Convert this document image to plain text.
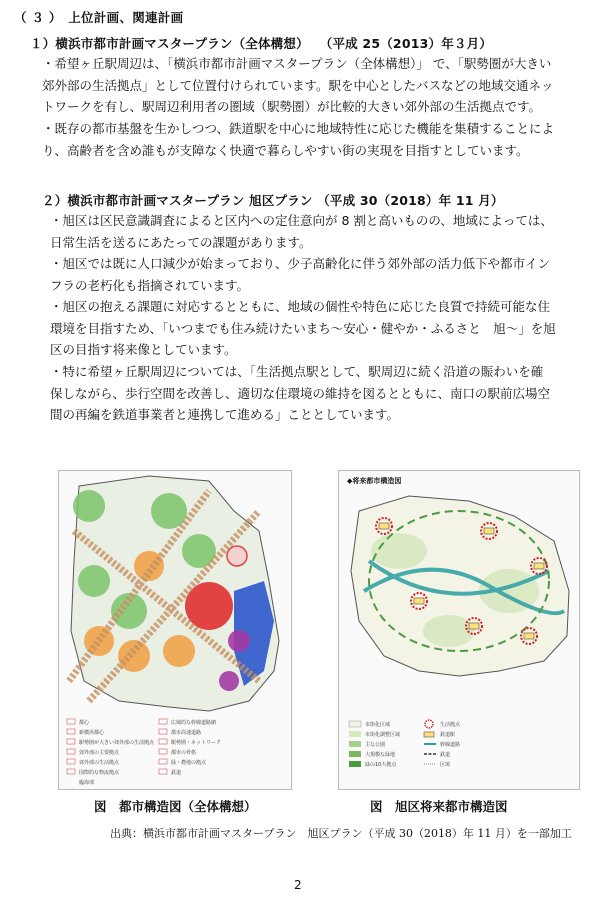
（ ３ ）　上位計画、関連計画
１）横浜市都市計画マスタープラン（全体構想）　 （平成 25（2013）年３月）
・希望ヶ丘駅周辺は、「横浜市都市計画マスタープラン（全体構想）」 で、「駅勢圏が大きい
郊外部の生活拠点」として位置付けられています。駅を中心としたバスなどの地域交通ネッ
トワークを有し、駅周辺利用者の圏域（駅勢圏）が比較的大きい郊外部の生活拠点です。
・既存の都市基盤を生かしつつ、鉄道駅を中心に地域特性に応じた機能を集積することによ
り、高齢者を含め誰もが支障なく快適で暮らしやすい街の実現を目指すとしています。
２）横浜市都市計画マスタープラン 旭区プラン （平成 30（2018）年 11 月）
・旭区は区民意識調査によると区内への定住意向が 8 割と高いものの、地域によっては、
日常生活を送るにあたっての課題があります。
・旭区では既に人口減少が始まっており、少子高齢化に伴う郊外部の活力低下や都市イン
フラの老朽化も指摘されています。
・旭区の抱える課題に対応するとともに、地域の個性や特色に応じた良質で持続可能な住
環境を目指すため、「いつまでも住み続けたいまち～安心・健やか・ふるさと　旭～」を旭
区の目指す将来像としています。
・特に希望ヶ丘駅周辺については、「生活拠点駅として、駅周辺に続く沿道の賑わいを確
保しながら、歩行空間を改善し、適切な住環境の維持を図るとともに、南口の駅前広場空
間の再編を鉄道事業者と連携して進める」こととしています。
都心
新横浜都心
駅勢圏が大きい郊外部の生活拠点
郊外部の主要拠点
郊外部の生活拠点
国際的な物流拠点
広域的な幹線道路網
都市高速道路
駅勢圏・ネットワーク
都市の骨格
緑・農地の拠点
鉄道
臨海部
◆将来都市構造図
市街化区域
市街化調整区域
主な公園
大規模な緑地
緑の10大拠点
生活拠点
鉄道駅
幹線道路
鉄道
区境
図　都市構造図（全体構想）	図　旭区将来都市構造図
出典：横浜市都市計画マスタープラン　旭区プラン（平成 30（2018）年 11 月）を一部加工
2
